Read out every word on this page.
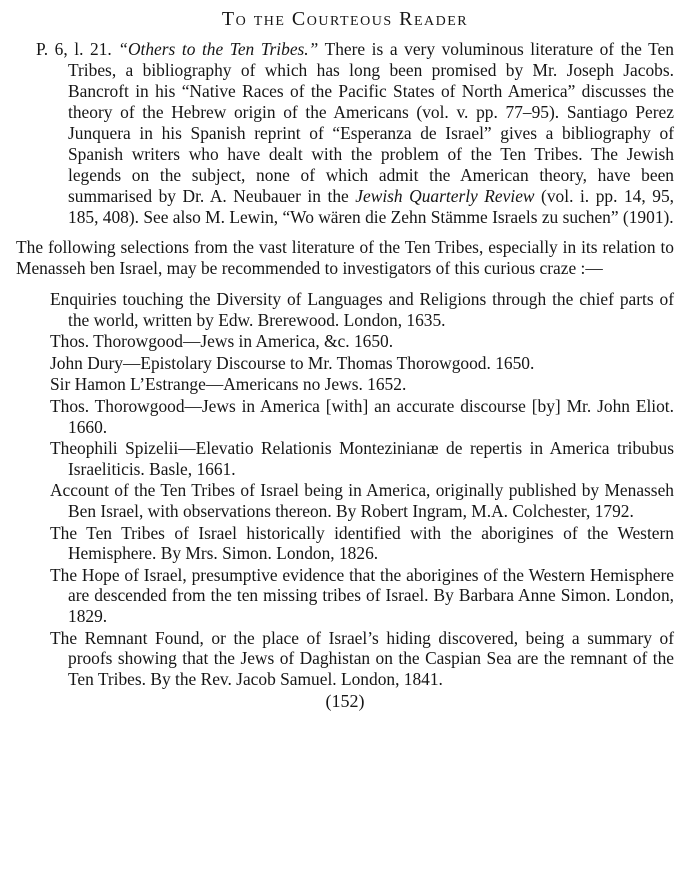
To the Courteous Reader

P. 6, l. 21. “Others to the Ten Tribes.” There is a very voluminous literature of the Ten Tribes, a bibliography of which has long been promised by Mr. Joseph Jacobs. Bancroft in his “Native Races of the Pacific States of North America” discusses the theory of the Hebrew origin of the Americans (vol. v. pp. 77–95). Santiago Perez Junquera in his Spanish reprint of “Esperanza de Israel” gives a bibliography of Spanish writers who have dealt with the problem of the Ten Tribes. The Jewish legends on the subject, none of which admit the American theory, have been summarised by Dr. A. Neubauer in the Jewish Quarterly Review (vol. i. pp. 14, 95, 185, 408). See also M. Lewin, “Wo wären die Zehn Stämme Israels zu suchen” (1901).

The following selections from the vast literature of the Ten Tribes, especially in its relation to Menasseh ben Israel, may be recommended to investigators of this curious craze :—

Enquiries touching the Diversity of Languages and Religions through the chief parts of the world, written by Edw. Brerewood. London, 1635.
Thos. Thorowgood—Jews in America, &c. 1650.
John Dury—Epistolary Discourse to Mr. Thomas Thorowgood. 1650.
Sir Hamon L’Estrange—Americans no Jews. 1652.
Thos. Thorowgood—Jews in America [with] an accurate discourse [by] Mr. John Eliot. 1660.
Theophili Spizelii—Elevatio Relationis Montezinianæ de repertis in America tribubus Israeliticis. Basle, 1661.
Account of the Ten Tribes of Israel being in America, originally published by Menasseh Ben Israel, with observations thereon. By Robert Ingram, M.A. Colchester, 1792.
The Ten Tribes of Israel historically identified with the aborigines of the Western Hemisphere. By Mrs. Simon. London, 1826.
The Hope of Israel, presumptive evidence that the aborigines of the Western Hemisphere are descended from the ten missing tribes of Israel. By Barbara Anne Simon. London, 1829.
The Remnant Found, or the place of Israel’s hiding discovered, being a summary of proofs showing that the Jews of Daghistan on the Caspian Sea are the remnant of the Ten Tribes. By the Rev. Jacob Samuel. London, 1841.
(152)
